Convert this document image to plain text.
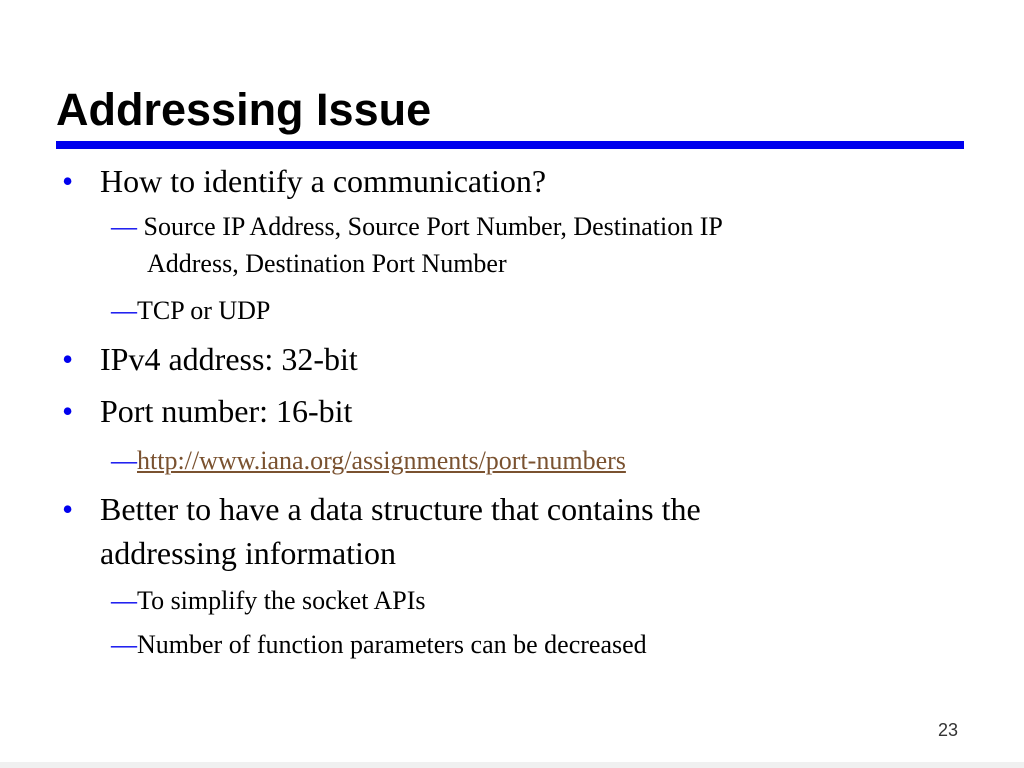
Addressing Issue
• How to identify a communication?
— Source IP Address, Source Port Number, Destination IP
Address, Destination Port Number
—TCP or UDP
• IPv4 address: 32-bit
• Port number: 16-bit
—http://www.iana.org/assignments/port-numbers
• Better to have a data structure that contains the
addressing information
—To simplify the socket APIs
—Number of function parameters can be decreased
23
